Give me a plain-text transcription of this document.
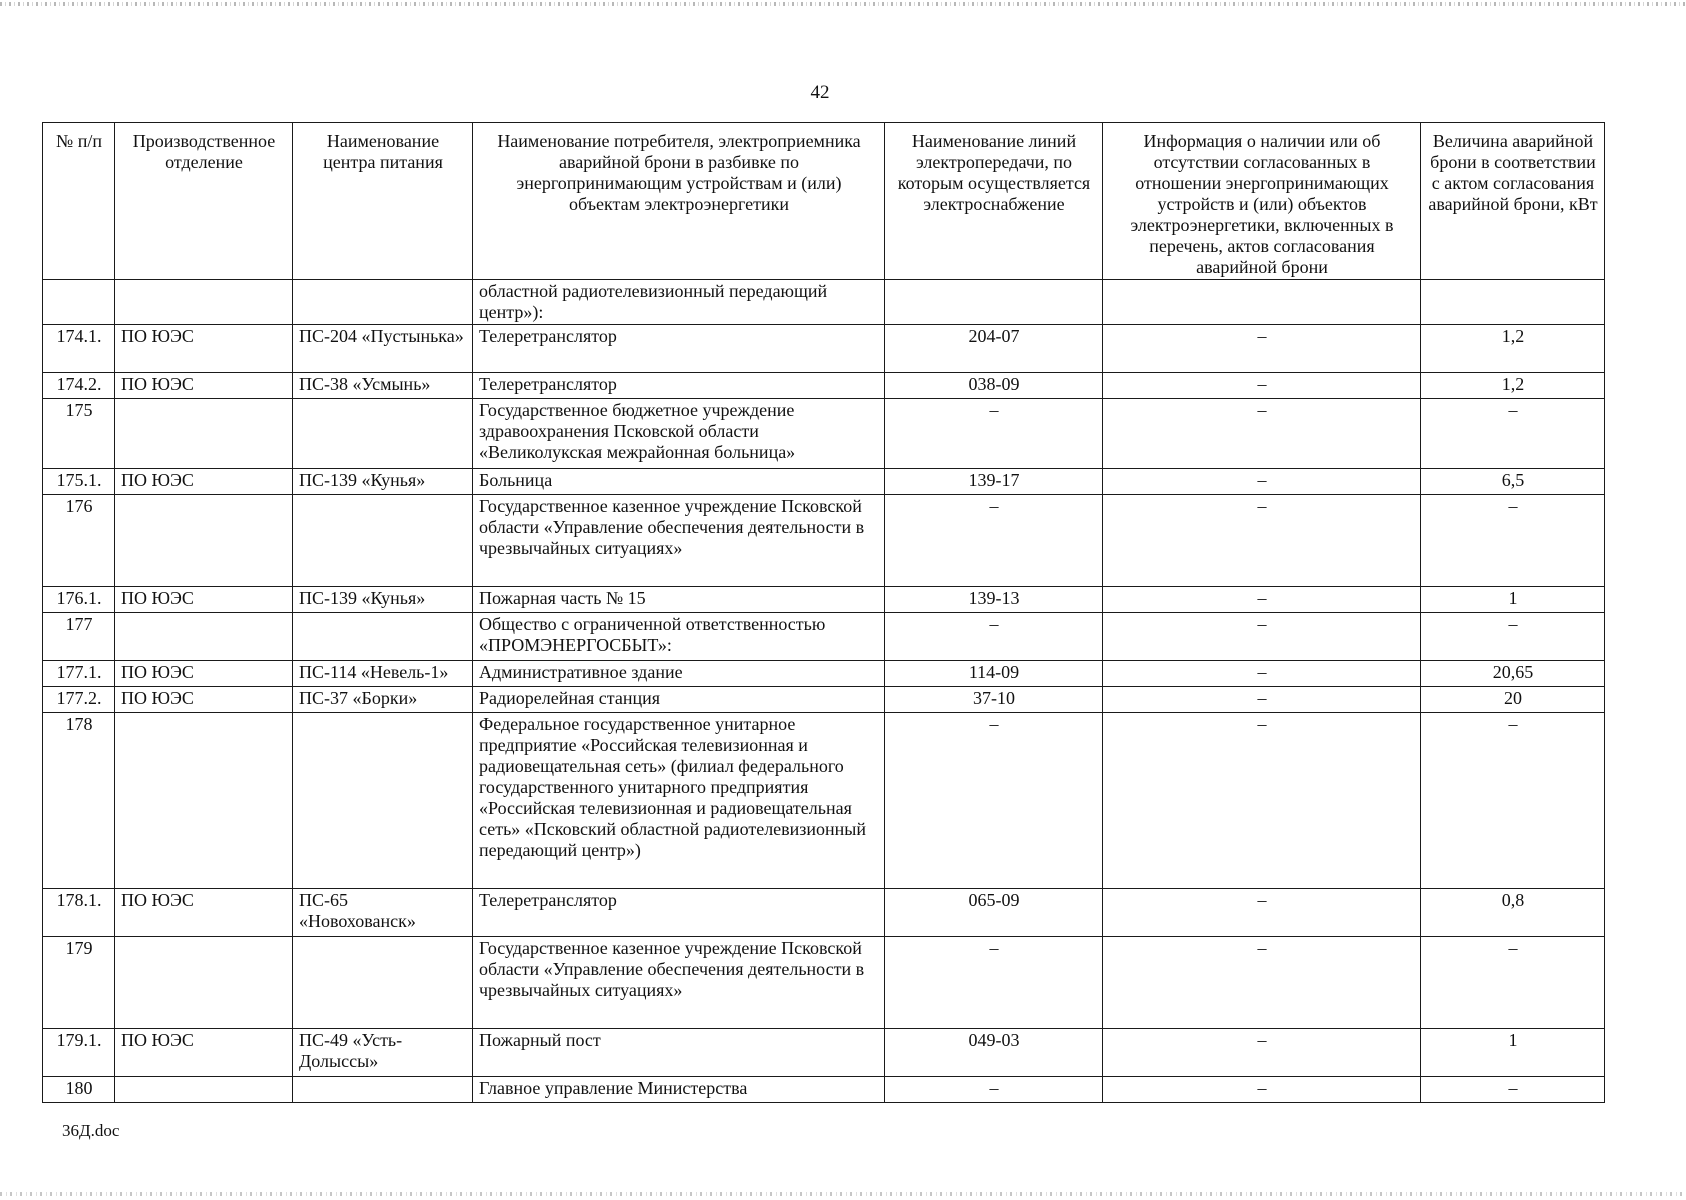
42
№ п/п	Производственное отделение	Наименование центра питания	Наименование потребителя, электроприемника аварийной брони в разбивке по энергопринимающим устройствам и (или) объектам электроэнергетики	Наименование линий электропередачи, по которым осуществляется электроснабжение	Информация о наличии или об отсутствии согласованных в отношении энергопринимающих устройств и (или) объектов электроэнергетики, включенных в перечень, актов согласования аварийной брони	Величина аварийной брони в соответствии с актом согласования аварийной брони, кВт
			областной радиотелевизионный передающий центр»):			
174.1.	ПО ЮЭС	ПС-204 «Пустынька»	Телеретранслятор	204-07	–	1,2
174.2.	ПО ЮЭС	ПС-38 «Усмынь»	Телеретранслятор	038-09	–	1,2
175			Государственное бюджетное учреждение здравоохранения Псковской области «Великолукская межрайонная больница»	–	–	–
175.1.	ПО ЮЭС	ПС-139 «Кунья»	Больница	139-17	–	6,5
176			Государственное казенное учреждение Псковской области «Управление обеспечения деятельности в чрезвычайных ситуациях»	–	–	–
176.1.	ПО ЮЭС	ПС-139 «Кунья»	Пожарная часть № 15	139-13	–	1
177			Общество с ограниченной ответственностью «ПРОМЭНЕРГОСБЫТ»:	–	–	–
177.1.	ПО ЮЭС	ПС-114 «Невель-1»	Административное здание	114-09	–	20,65
177.2.	ПО ЮЭС	ПС-37 «Борки»	Радиорелейная станция	37-10	–	20
178			Федеральное государственное унитарное предприятие «Российская телевизионная и радиовещательная сеть» (филиал федерального государственного унитарного предприятия «Российская телевизионная и радиовещательная сеть» «Псковский областной радиотелевизионный передающий центр»)	–	–	–
178.1.	ПО ЮЭС	ПС-65 «Новохованск»	Телеретранслятор	065-09	–	0,8
179			Государственное казенное учреждение Псковской области «Управление обеспечения деятельности в чрезвычайных ситуациях»	–	–	–
179.1.	ПО ЮЭС	ПС-49 «Усть-Долыссы»	Пожарный пост	049-03	–	1
180			Главное управление Министерства	–	–	–
36Д.doc
